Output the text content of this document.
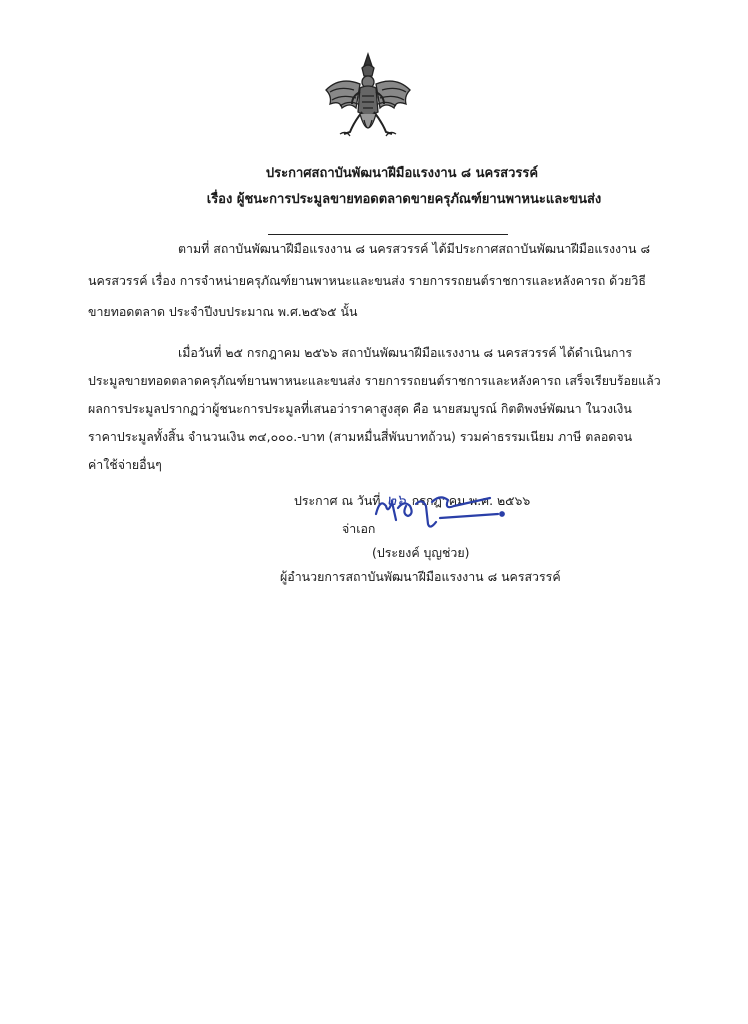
ประกาศสถาบันพัฒนาฝีมือแรงงาน ๘ นครสวรรค์
เรื่อง ผู้ชนะการประมูลขายทอดตลาดขายครุภัณฑ์ยานพาหนะและขนส่ง
ตามที่ สถาบันพัฒนาฝีมือแรงงาน ๘ นครสวรรค์ ได้มีประกาศสถาบันพัฒนาฝีมือแรงงาน ๘
นครสวรรค์ เรื่อง การจำหน่ายครุภัณฑ์ยานพาหนะและขนส่ง รายการรถยนต์ราชการและหลังคารถ ด้วยวิธี
ขายทอดตลาด ประจำปีงบประมาณ พ.ศ.๒๕๖๕ นั้น
เมื่อวันที่ ๒๕ กรกฎาคม ๒๕๖๖ สถาบันพัฒนาฝีมือแรงงาน ๘ นครสวรรค์ ได้ดำเนินการ
ประมูลขายทอดตลาดครุภัณฑ์ยานพาหนะและขนส่ง รายการรถยนต์ราชการและหลังคารถ เสร็จเรียบร้อยแล้ว
ผลการประมูลปรากฏว่าผู้ชนะการประมูลที่เสนอว่าราคาสูงสุด คือ นายสมบูรณ์ กิตติพงษ์พัฒนา ในวงเงิน
ราคาประมูลทั้งสิ้น จำนวนเงิน ๓๔,๐๐๐.-บาท (สามหมื่นสี่พันบาทถ้วน) รวมค่าธรรมเนียม ภาษี ตลอดจน
ค่าใช้จ่ายอื่นๆ
ประกาศ ณ วันที่ ๒๖ กรกฎาคม พ.ศ. ๒๕๖๖
จ่าเอก
(ประยงค์ บุญช่วย)
ผู้อำนวยการสถาบันพัฒนาฝีมือแรงงาน ๘ นครสวรรค์
